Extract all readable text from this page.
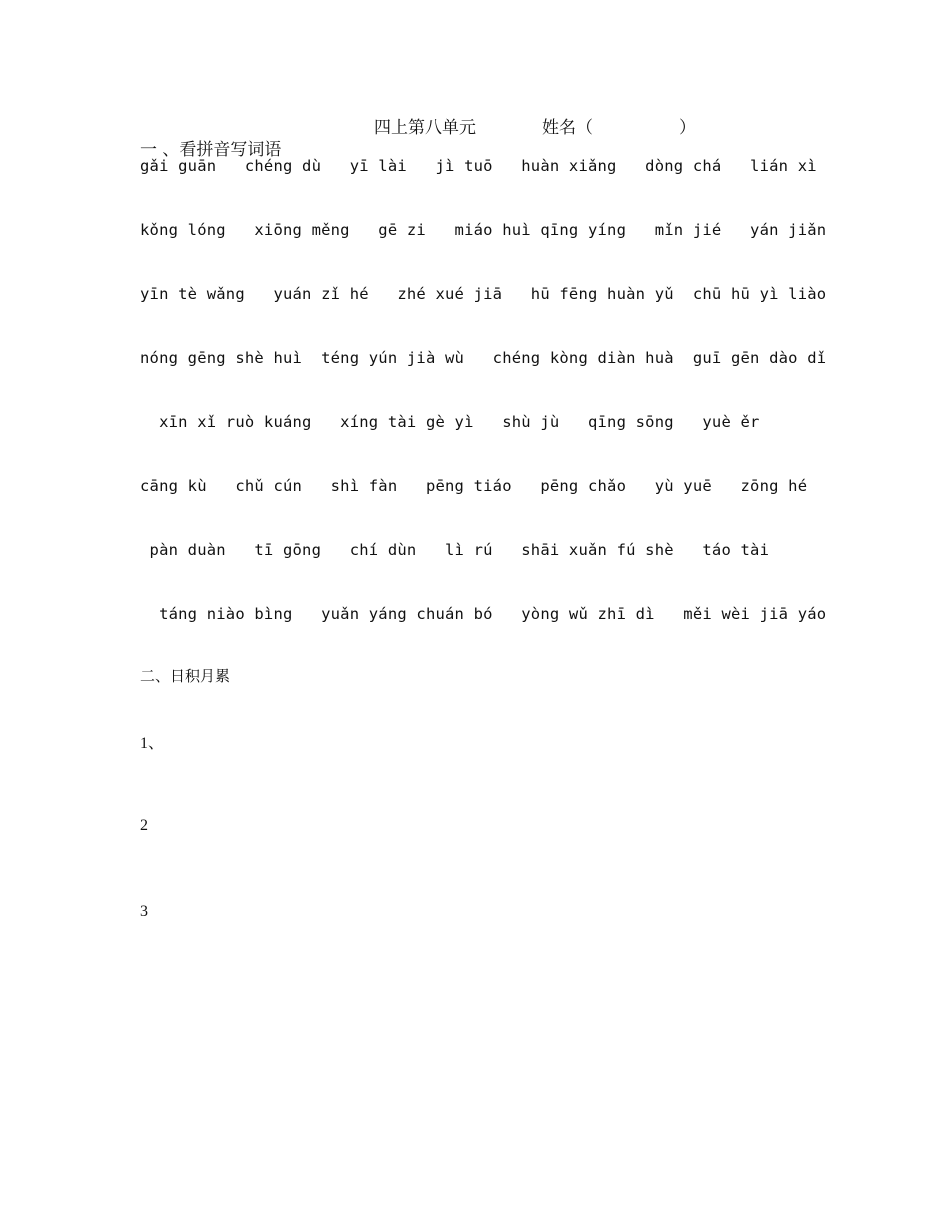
四上第八单元	姓名（	）
一 、看拼音写词语
gǎi guān   chéng dù   yī lài   jì tuō   huàn xiǎng   dòng chá   lián xì
kǒng lóng   xiōng měng   gē zi   miáo huì qīng yíng   mǐn jié   yán jiǎn
yīn tè wǎng   yuán zǐ hé   zhé xué jiā   hū fēng huàn yǔ  chū hū yì liào
nóng gēng shè huì  téng yún jià wù   chéng kòng diàn huà  guī gēn dào dǐ
xīn xǐ ruò kuáng   xíng tài gè yì   shù jù   qīng sōng   yuè ěr
cāng kù   chǔ cún   shì fàn   pēng tiáo   pēng chǎo   yù yuē   zōng hé
pàn duàn   tī gōng   chí dùn   lì rú   shāi xuǎn fú shè   táo tài
táng niào bìng   yuǎn yáng chuán bó   yòng wǔ zhī dì   měi wèi jiā yáo
二、日积月累
1、
2
3
